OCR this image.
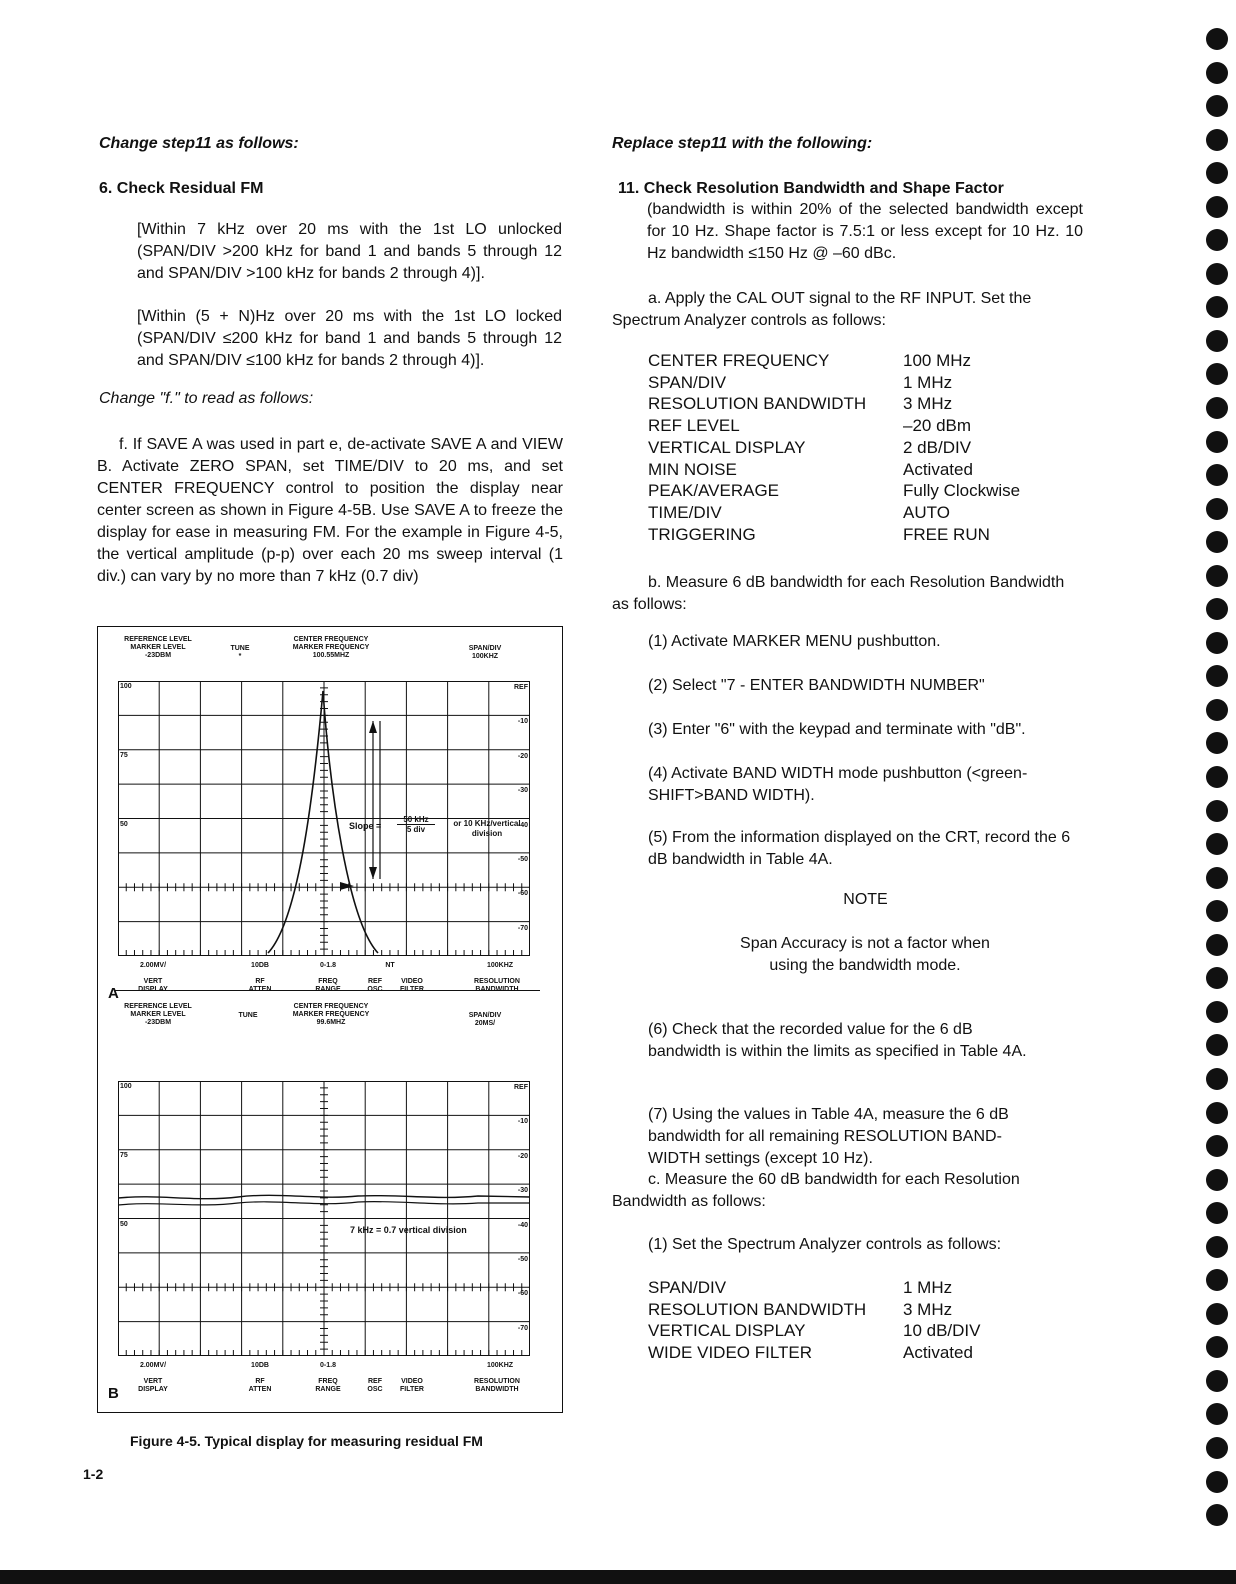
Change step11 as follows:
6. Check Residual FM
[Within 7 kHz over 20 ms with the 1st LO unlocked (SPAN/DIV >200 kHz for band 1 and bands 5 through 12 and SPAN/DIV >100 kHz for bands 2 through 4)].
[Within (5 + N)Hz over 20 ms with the 1st LO locked (SPAN/DIV ≤200 kHz for band 1 and bands 5 through 12 and SPAN/DIV ≤100 kHz for bands 2 through 4)].
Change "f." to read as follows:
f. If SAVE A was used in part e, de-activate SAVE A and VIEW B. Activate ZERO SPAN, set TIME/DIV to 20 ms, and set CENTER FREQUENCY control to position the display near center screen as shown in Figure 4-5B. Use SAVE A to freeze the display for ease in measuring FM. For the example in Figure 4-5, the vertical amplitude (p-p) over each 20 ms sweep interval (1 div.) can vary by no more than 7 kHz (0.7 div)
REFERENCE LEVEL
MARKER LEVEL
-23DBM
TUNE
*
CENTER FREQUENCY
MARKER FREQUENCY
100.55MHZ
SPAN/DIV
100KHZ
Slope =
50 kHz
5 div
or 10 KHz/vertical division
2.00MV/	10DB	0-1.8	NT	100KHZ
A
VERT
DISPLAY
RF
ATTEN
FREQ
RANGE
REF
OSC
VIDEO
FILTER
RESOLUTION
BANDWIDTH
REFERENCE LEVEL
MARKER LEVEL
-23DBM
TUNE
CENTER FREQUENCY
MARKER FREQUENCY
99.6MHZ
SPAN/DIV
20MS/
7 kHz = 0.7 vertical division
2.00MV/	10DB	0-1.8	100KHZ
B
VERT
DISPLAY
RF
ATTEN
FREQ
RANGE
REF
OSC
VIDEO
FILTER
RESOLUTION
BANDWIDTH
100
75
50
REF
-10
-20
-30
-40
-50
-60
-70
100
75
50
REF
-10
-20
-30
-40
-50
-60
-70
Figure 4-5. Typical display for measuring residual FM
1-2
Replace step11 with the following:
11. Check Resolution Bandwidth and Shape Factor
(bandwidth is within 20% of the selected bandwidth except for 10 Hz. Shape factor is 7.5:1 or less except for 10 Hz. 10 Hz bandwidth ≤150 Hz @ –60 dBc.
a. Apply the CAL OUT signal to the RF INPUT. Set the Spectrum Analyzer controls as follows:
CENTER FREQUENCY	100 MHz
SPAN/DIV	1 MHz
RESOLUTION BANDWIDTH	3 MHz
REF LEVEL	–20 dBm
VERTICAL DISPLAY	2 dB/DIV
MIN NOISE	Activated
PEAK/AVERAGE	Fully Clockwise
TIME/DIV	AUTO
TRIGGERING	FREE RUN
b. Measure 6 dB bandwidth for each Resolution Bandwidth as follows:
(1) Activate MARKER MENU pushbutton.
(2) Select "7 - ENTER BANDWIDTH NUMBER"
(3) Enter "6" with the keypad and terminate with "dB".
(4) Activate BAND WIDTH mode pushbutton (<green-SHIFT>BAND WIDTH).
(5) From the information displayed on the CRT, record the 6 dB bandwidth in Table 4A.
NOTE
Span Accuracy is not a factor when using the bandwidth mode.
(6) Check that the recorded value for the 6 dB bandwidth is within the limits as specified in Table 4A.
(7) Using the values in Table 4A, measure the 6 dB bandwidth for all remaining RESOLUTION BAND-WIDTH settings (except 10 Hz).
c. Measure the 60 dB bandwidth for each Resolution Bandwidth as follows:
(1) Set the Spectrum Analyzer controls as follows:
SPAN/DIV	1 MHz
RESOLUTION BANDWIDTH	3 MHz
VERTICAL DISPLAY	10 dB/DIV
WIDE VIDEO FILTER	Activated
